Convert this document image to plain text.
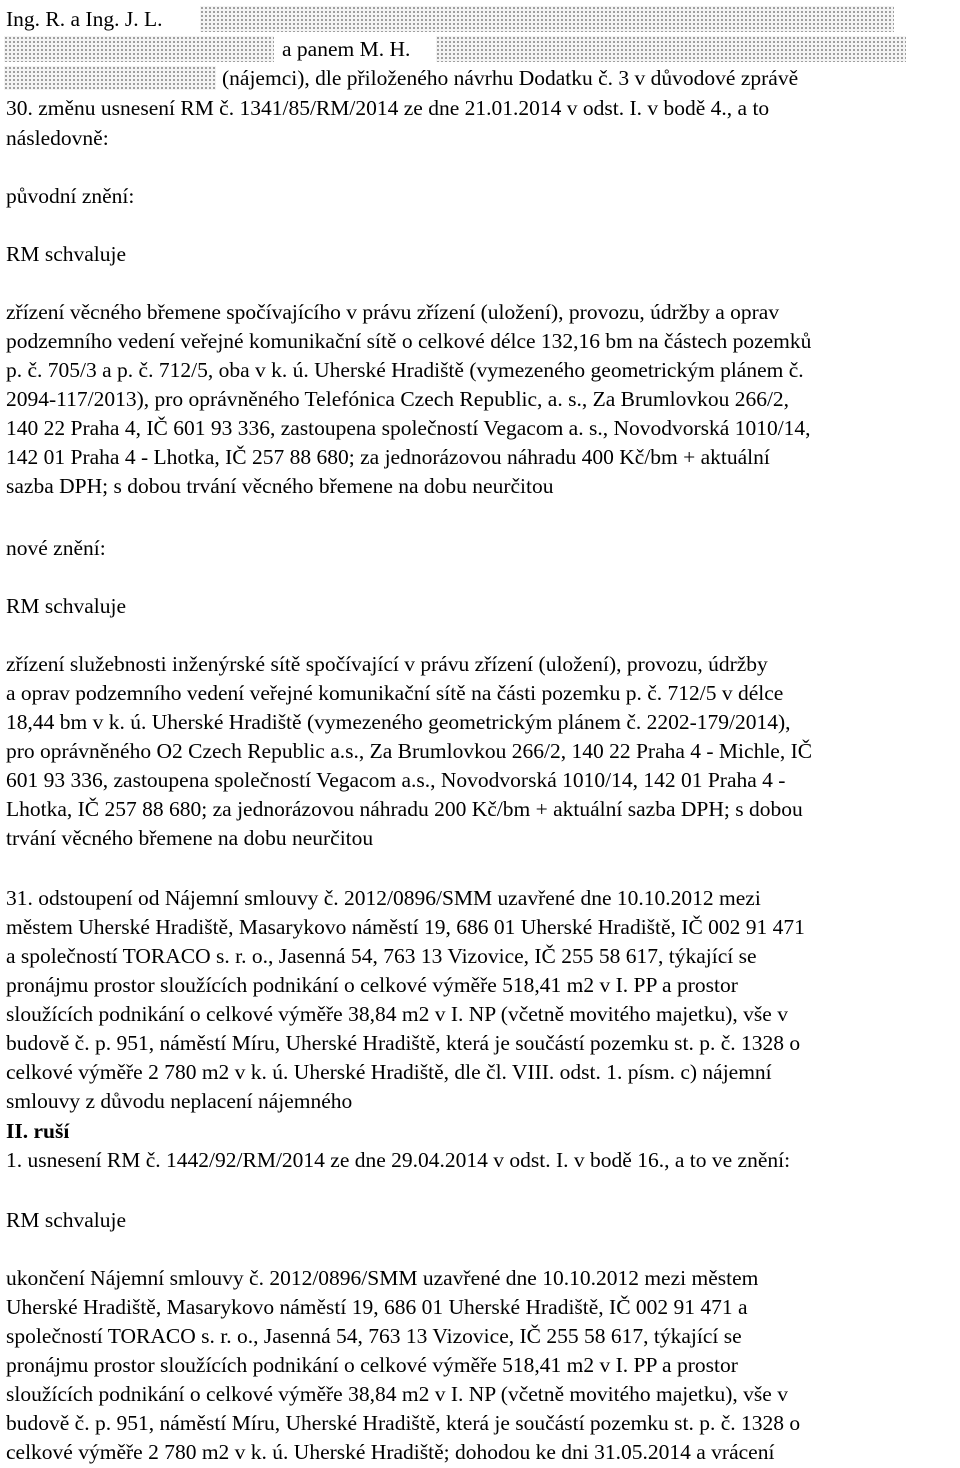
Ing. R. a Ing. J. L.
a panem M. H.
(nájemci), dle přiloženého návrhu Dodatku č. 3 v důvodové zprávě
30. změnu usnesení RM č. 1341/85/RM/2014 ze dne 21.01.2014 v odst. I. v bodě 4., a to
následovně:
původní znění:
RM schvaluje
zřízení věcného břemene spočívajícího v právu zřízení (uložení), provozu, údržby a oprav
podzemního vedení veřejné komunikační sítě o celkové délce 132,16 bm na částech pozemků
p. č. 705/3 a p. č. 712/5, oba v k. ú. Uherské Hradiště (vymezeného geometrickým plánem č.
2094-117/2013), pro oprávněného Telefónica Czech Republic, a. s., Za Brumlovkou 266/2,
140 22 Praha 4, IČ 601 93 336, zastoupena společností Vegacom a. s., Novodvorská 1010/14,
142 01 Praha 4 - Lhotka, IČ 257 88 680; za jednorázovou náhradu 400 Kč/bm + aktuální
sazba DPH; s dobou trvání věcného břemene na dobu neurčitou
nové znění:
RM schvaluje
zřízení služebnosti inženýrské sítě spočívající v právu zřízení (uložení), provozu, údržby
a oprav podzemního vedení veřejné komunikační sítě na části pozemku p. č. 712/5 v délce
18,44 bm v k. ú. Uherské Hradiště (vymezeného geometrickým plánem č. 2202-179/2014),
pro oprávněného O2 Czech Republic a.s., Za Brumlovkou 266/2, 140 22 Praha 4 - Michle, IČ
601 93 336, zastoupena společností Vegacom a.s., Novodvorská 1010/14, 142 01 Praha 4 -
Lhotka, IČ 257 88 680; za jednorázovou náhradu 200 Kč/bm + aktuální sazba DPH; s dobou
trvání věcného břemene na dobu neurčitou
31. odstoupení od Nájemní smlouvy č. 2012/0896/SMM uzavřené dne 10.10.2012 mezi
městem Uherské Hradiště, Masarykovo náměstí 19, 686 01 Uherské Hradiště, IČ 002 91 471
a společností TORACO s. r. o., Jasenná 54, 763 13 Vizovice, IČ 255 58 617, týkající se
pronájmu prostor sloužících podnikání o celkové výměře 518,41 m2 v I. PP a prostor
sloužících podnikání o celkové výměře 38,84 m2 v I. NP (včetně movitého majetku), vše v
budově č. p. 951, náměstí Míru, Uherské Hradiště, která je součástí pozemku st. p. č. 1328 o
celkové výměře 2 780 m2 v k. ú. Uherské Hradiště, dle čl. VIII. odst. 1. písm. c) nájemní
smlouvy z důvodu neplacení nájemného
II. ruší
1. usnesení RM č. 1442/92/RM/2014 ze dne 29.04.2014 v odst. I. v bodě 16., a to ve znění:
RM schvaluje
ukončení Nájemní smlouvy č. 2012/0896/SMM uzavřené dne 10.10.2012 mezi městem
Uherské Hradiště, Masarykovo náměstí 19, 686 01 Uherské Hradiště, IČ 002 91 471 a
společností TORACO s. r. o., Jasenná 54, 763 13 Vizovice, IČ 255 58 617, týkající se
pronájmu prostor sloužících podnikání o celkové výměře 518,41 m2 v I. PP a prostor
sloužících podnikání o celkové výměře 38,84 m2 v I. NP (včetně movitého majetku), vše v
budově č. p. 951, náměstí Míru, Uherské Hradiště, která je součástí pozemku st. p. č. 1328 o
celkové výměře 2 780 m2 v k. ú. Uherské Hradiště; dohodou ke dni 31.05.2014 a vrácení
